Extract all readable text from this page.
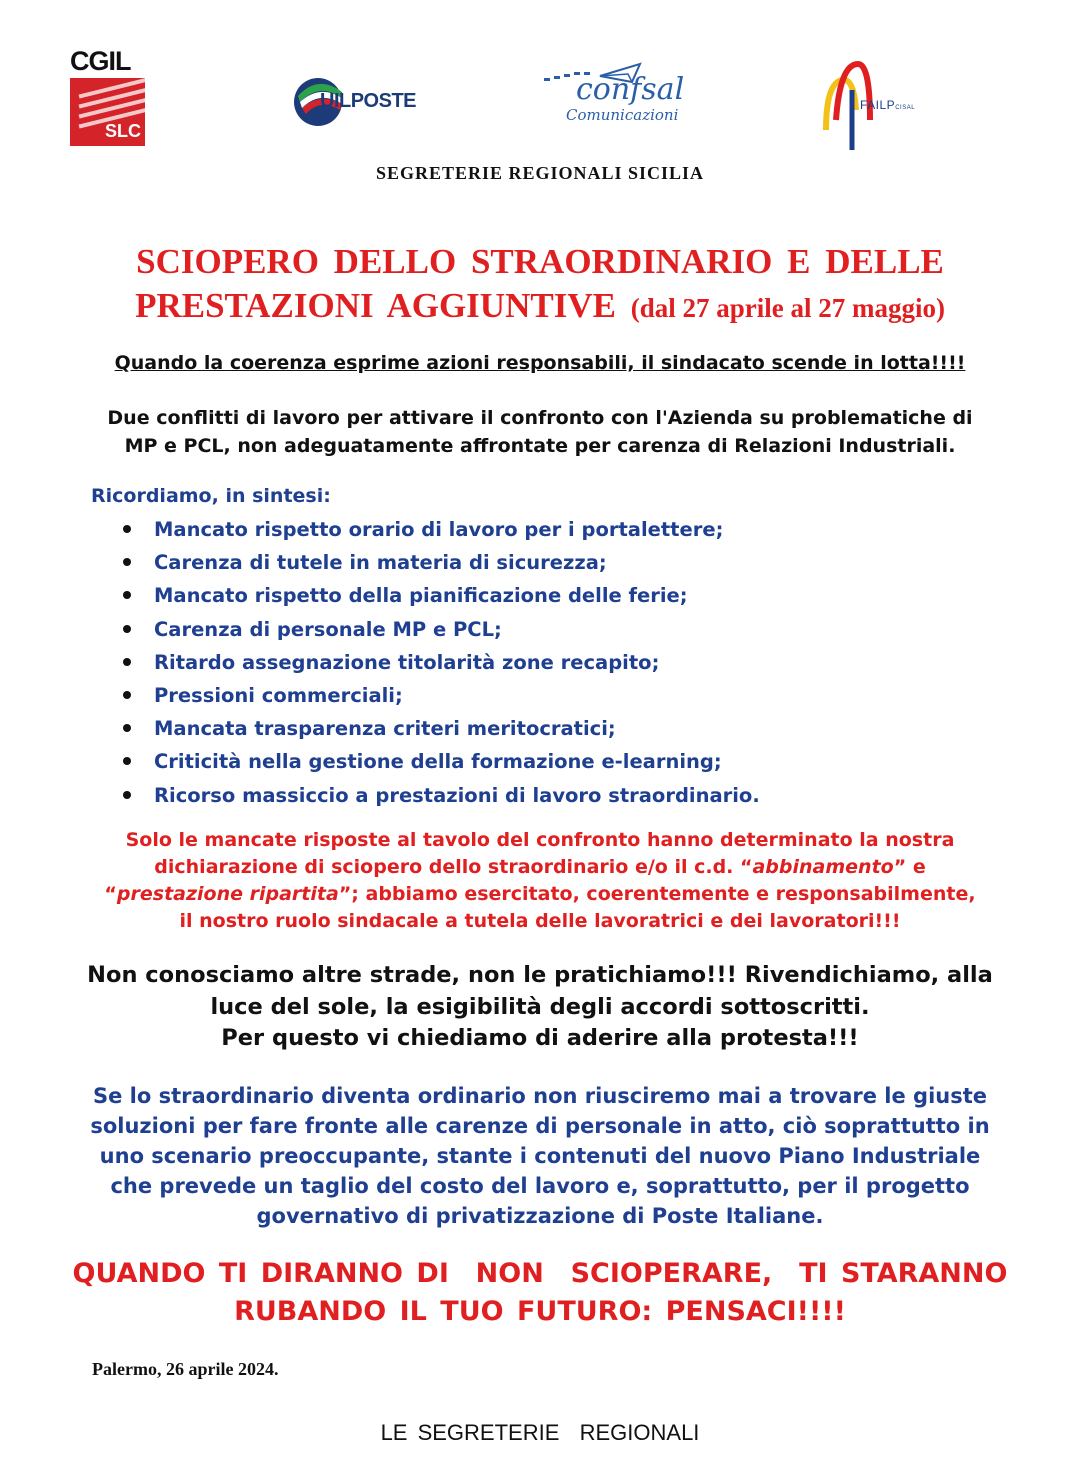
CGIL
SLC
UILPOSTE	confsal
Comunicazioni
FAILPCISAL
SEGRETERIE REGIONALI SICILIA
SCIOPERO DELLO STRAORDINARIO E DELLE
PRESTAZIONI AGGIUNTIVE (dal 27 aprile al 27 maggio)
Quando la coerenza esprime azioni responsabili, il sindacato scende in lotta!!!!
Due conflitti di lavoro per attivare il confronto con l'Azienda su problematiche di
MP e PCL, non adeguatamente affrontate per carenza di Relazioni Industriali.
Ricordiamo, in sintesi:
Mancato rispetto orario di lavoro per i portalettere;
Carenza di tutele in materia di sicurezza;
Mancato rispetto della pianificazione delle ferie;
Carenza di personale MP e PCL;
Ritardo assegnazione titolarità zone recapito;
Pressioni commerciali;
Mancata trasparenza criteri meritocratici;
Criticità nella gestione della formazione e-learning;
Ricorso massiccio a prestazioni di lavoro straordinario.
Solo le mancate risposte al tavolo del confronto hanno determinato la nostra
dichiarazione di sciopero dello straordinario e/o il c.d. “abbinamento” e
“prestazione ripartita”; abbiamo esercitato, coerentemente e responsabilmente,
il nostro ruolo sindacale a tutela delle lavoratrici e dei lavoratori!!!
Non conosciamo altre strade, non le pratichiamo!!! Rivendichiamo, alla
luce del sole, la esigibilità degli accordi sottoscritti.
Per questo vi chiediamo di aderire alla protesta!!!
Se lo straordinario diventa ordinario non riusciremo mai a trovare le giuste
soluzioni per fare fronte alle carenze di personale in atto, ciò soprattutto in
uno scenario preoccupante, stante i contenuti del nuovo Piano Industriale
che prevede un taglio del costo del lavoro e, soprattutto, per il progetto
governativo di privatizzazione di Poste Italiane.
QUANDO TI DIRANNO DI  NON  SCIOPERARE,  TI STARANNO
RUBANDO IL TUO FUTURO: PENSACI!!!!
Palermo, 26 aprile 2024.
LE SEGRETERIE  REGIONALI
